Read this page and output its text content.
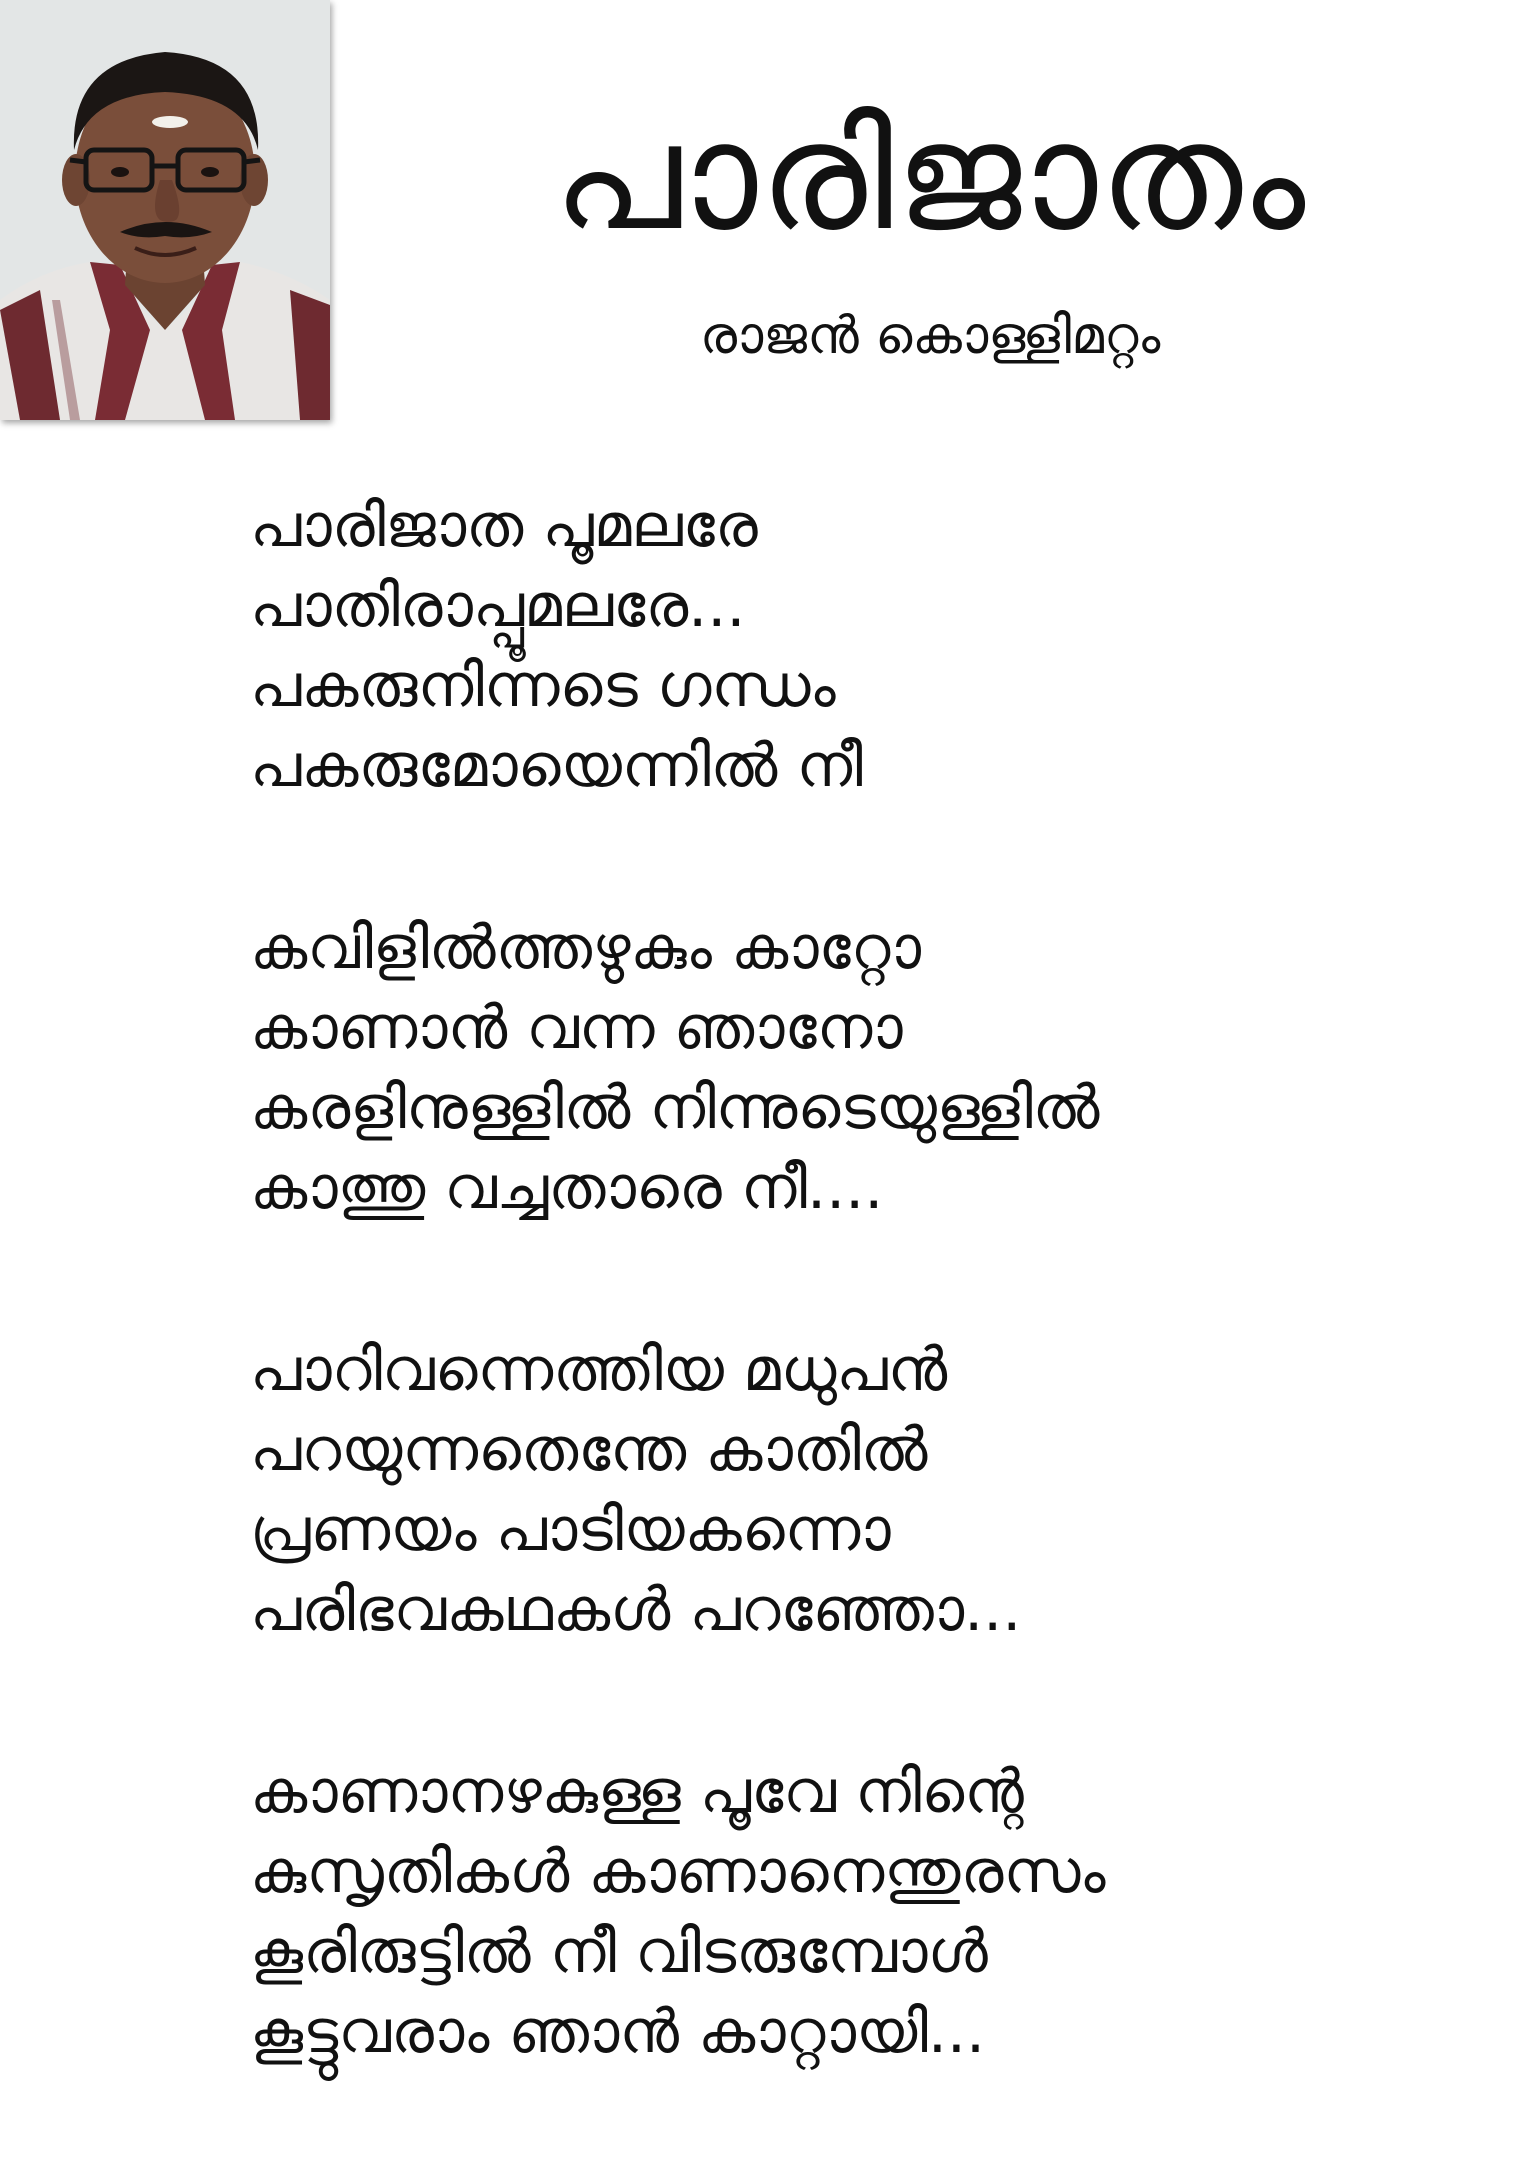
പാരിജാതം
രാജൻ കൊള്ളിമറ്റം
പാരിജാത പൂമലരേ
പാതിരാപ്പൂമലരേ...
പകരുനിന്നടെ ഗന്ധം
പകരുമോയെന്നിൽ നീ
കവിളിൽത്തഴുകും കാറ്റോ
കാണാൻ വന്ന ഞാനോ
കരളിനുള്ളിൽ നിന്നുടെയുള്ളിൽ
കാത്തു വച്ചതാരെ നീ....
പാറിവന്നെത്തിയ മധുപൻ
പറയുന്നതെന്തേ കാതിൽ
പ്രണയം പാടിയകന്നൊ
പരിഭവകഥകൾ പറഞ്ഞോ...
കാണാനഴകുള്ള പൂവേ നിന്റെ
കുസൃതികൾ കാണാനെന്തുരസം
കൂരിരുട്ടിൽ നീ വിടരുമ്പോൾ
കൂട്ടുവരാം ഞാൻ കാറ്റായി...
